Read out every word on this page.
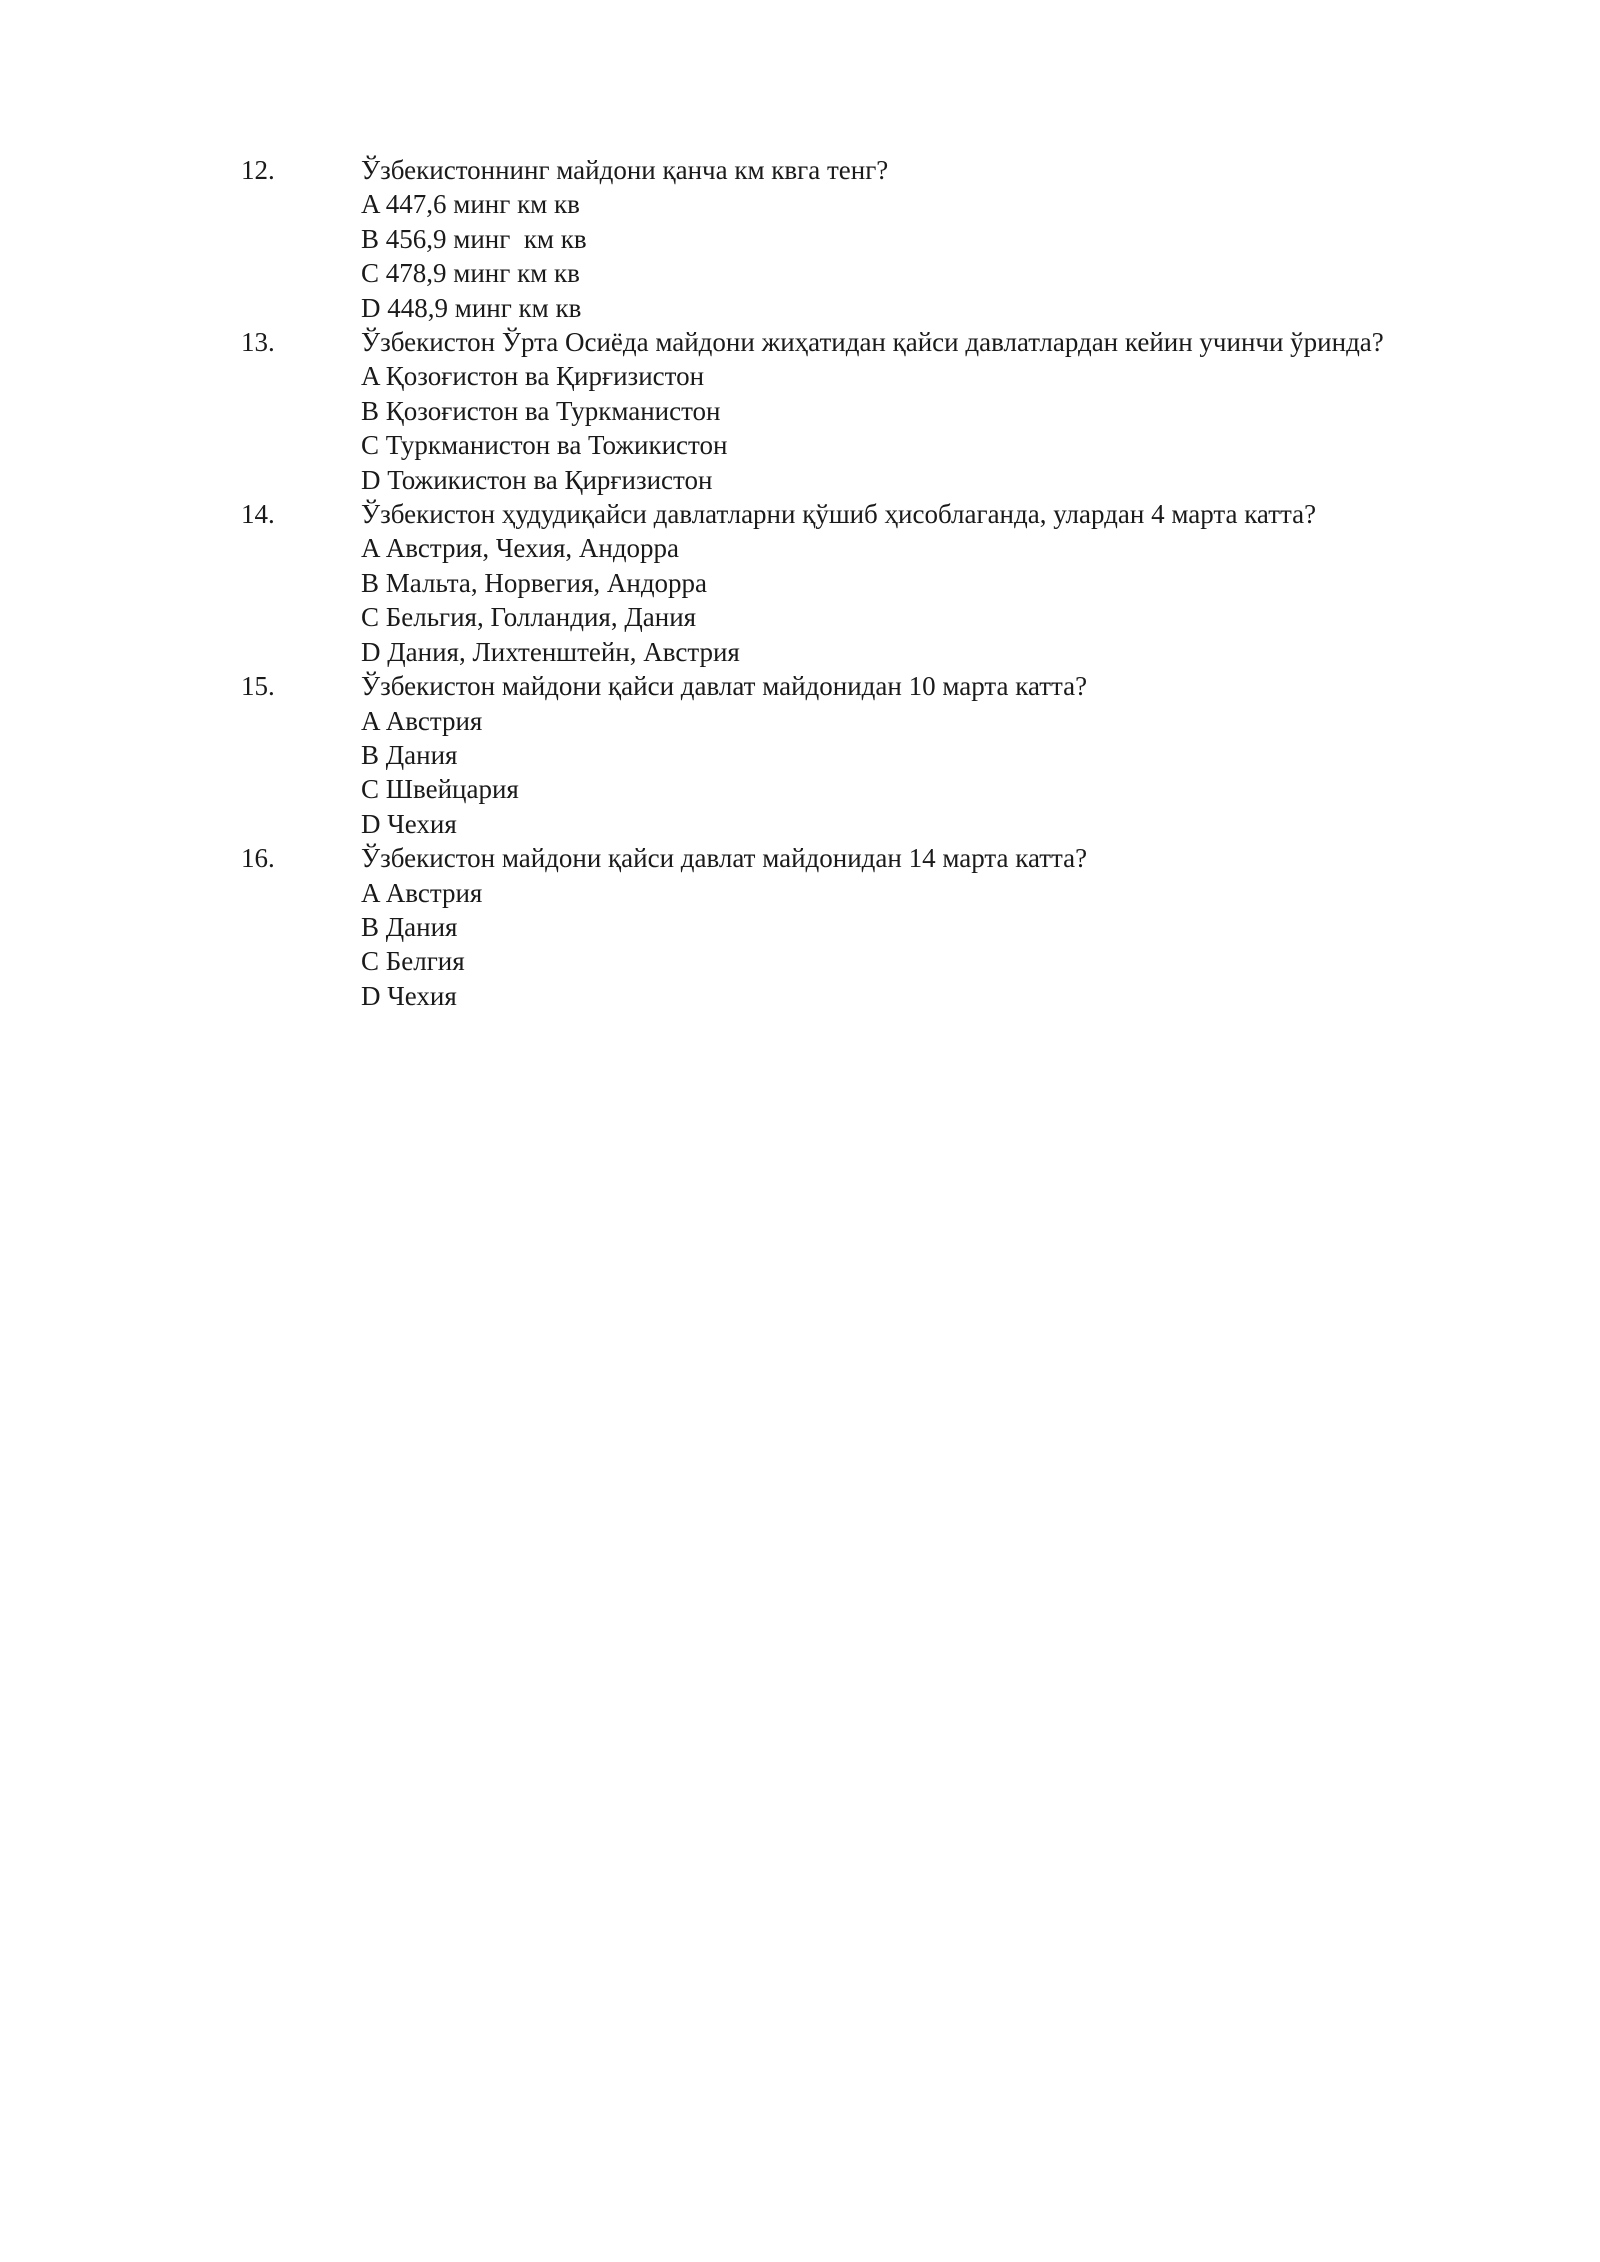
12.	Ўзбекистоннинг майдони қанча км квга тенг?
A 447,6 минг км кв
B 456,9 минг  км кв
C 478,9 минг км кв
D 448,9 минг км кв
13.	Ўзбекистон Ўрта Осиёда майдони жиҳатидан қайси давлатлардан кейин учинчи ўринда?
A Қозоғистон ва Қирғизистон
B Қозоғистон ва Туркманистон
C Туркманистон ва Тожикистон
D Тожикистон ва Қирғизистон
14.	Ўзбекистон ҳудудиқайси давлатларни қўшиб ҳисоблаганда, улардан 4 марта катта?
A Австрия, Чехия, Андорра
B Мальта, Норвегия, Андорра
C Бельгия, Голландия, Дания
D Дания, Лихтенштейн, Австрия
15.	Ўзбекистон майдони қайси давлат майдонидан 10 марта катта?
A Австрия
B Дания
C Швейцария
D Чехия
16.	Ўзбекистон майдони қайси давлат майдонидан 14 марта катта?
A Австрия
B Дания
C Белгия
D Чехия
